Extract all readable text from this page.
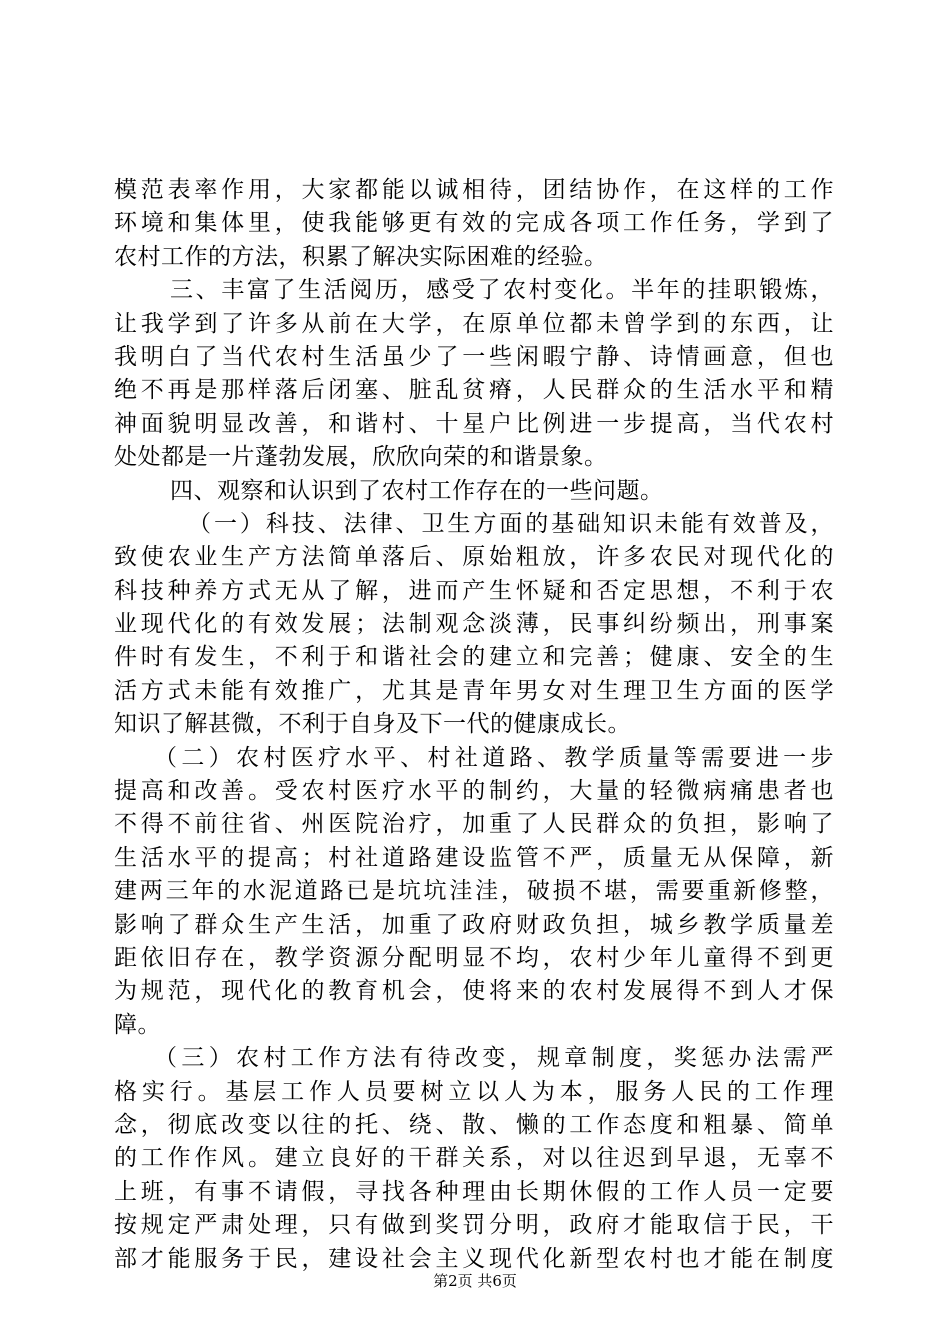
模范表率作用，大家都能以诚相待，团结协作，在这样的工作
环境和集体里，使我能够更有效的完成各项工作任务，学到了
农村工作的方法，积累了解决实际困难的经验。
三、丰富了生活阅历，感受了农村变化。半年的挂职锻炼，
让我学到了许多从前在大学，在原单位都未曾学到的东西，让
我明白了当代农村生活虽少了一些闲暇宁静、诗情画意，但也
绝不再是那样落后闭塞、脏乱贫瘠，人民群众的生活水平和精
神面貌明显改善，和谐村、十星户比例进一步提高，当代农村
处处都是一片蓬勃发展，欣欣向荣的和谐景象。
四、观察和认识到了农村工作存在的一些问题。
（一）科技、法律、卫生方面的基础知识未能有效普及，
致使农业生产方法简单落后、原始粗放，许多农民对现代化的
科技种养方式无从了解，进而产生怀疑和否定思想，不利于农
业现代化的有效发展；法制观念淡薄，民事纠纷频出，刑事案
件时有发生，不利于和谐社会的建立和完善；健康、安全的生
活方式未能有效推广，尤其是青年男女对生理卫生方面的医学
知识了解甚微，不利于自身及下一代的健康成长。
（二）农村医疗水平、村社道路、教学质量等需要进一步
提高和改善。受农村医疗水平的制约，大量的轻微病痛患者也
不得不前往省、州医院治疗，加重了人民群众的负担，影响了
生活水平的提高；村社道路建设监管不严，质量无从保障，新
建两三年的水泥道路已是坑坑洼洼，破损不堪，需要重新修整，
影响了群众生产生活，加重了政府财政负担，城乡教学质量差
距依旧存在，教学资源分配明显不均，农村少年儿童得不到更
为规范，现代化的教育机会，使将来的农村发展得不到人才保
障。
（三）农村工作方法有待改变，规章制度，奖惩办法需严
格实行。基层工作人员要树立以人为本，服务人民的工作理
念，彻底改变以往的托、绕、散、懒的工作态度和粗暴、简单
的工作作风。建立良好的干群关系，对以往迟到早退，无辜不
上班，有事不请假，寻找各种理由长期休假的工作人员一定要
按规定严肃处理，只有做到奖罚分明，政府才能取信于民，干
部才能服务于民，建设社会主义现代化新型农村也才能在制度
第2页 共6页
